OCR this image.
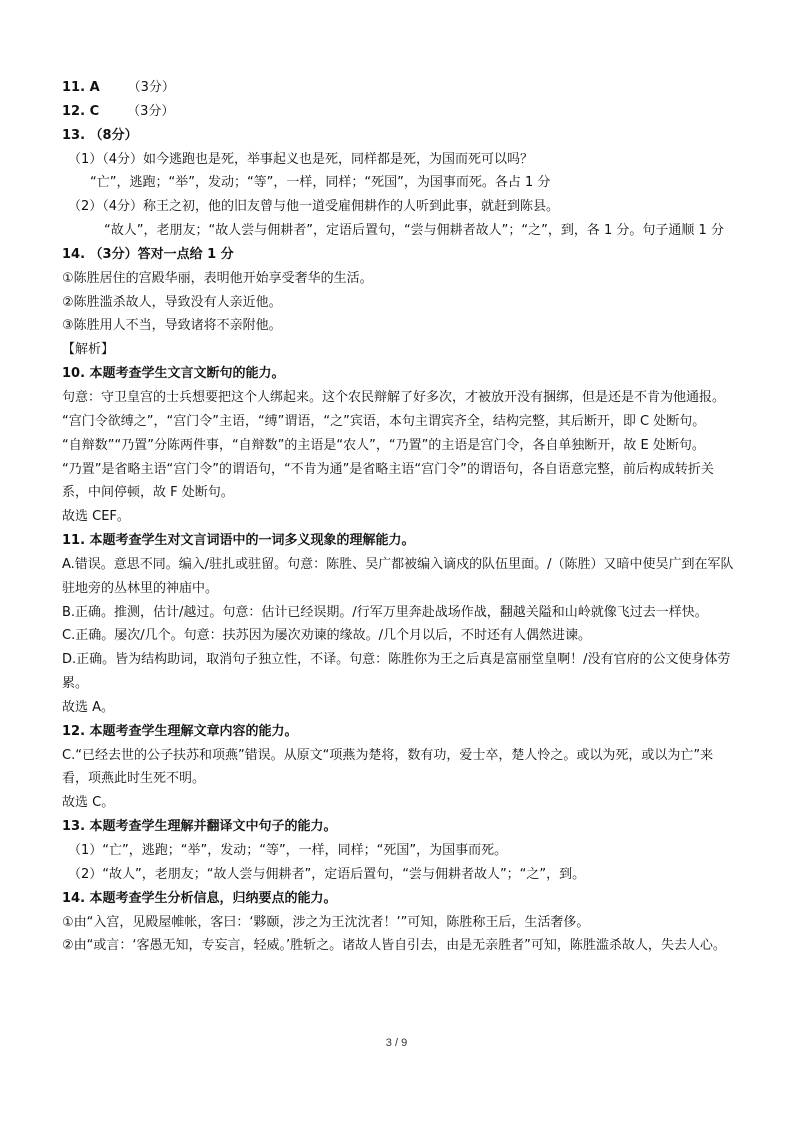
11. A （3分）
12. C （3分）
13. （8分）
（1）（4分）如今逃跑也是死，举事起义也是死，同样都是死，为国而死可以吗？
“亡”，逃跑；“举”，发动；“等”，一样，同样；“死国”，为国事而死。各占 1 分
（2）（4分）称王之初，他的旧友曾与他一道受雇佣耕作的人听到此事，就赶到陈县。
“故人”，老朋友；“故人尝与佣耕者”，定语后置句，“尝与佣耕者故人”；“之”，到，各 1 分。句子通顺 1 分
14. （3分）答对一点给 1 分
①陈胜居住的宫殿华丽，表明他开始享受奢华的生活。
②陈胜滥杀故人，导致没有人亲近他。
③陈胜用人不当，导致诸将不亲附他。
【解析】
10. 本题考查学生文言文断句的能力。
句意：守卫皇宫的士兵想要把这个人绑起来。这个农民辩解了好多次，才被放开没有捆绑，但是还是不肯为他通报。
“宫门令欲缚之”，“宫门令”主语，“缚”谓语，“之”宾语，本句主谓宾齐全，结构完整，其后断开，即 C 处断句。
“自辩数”“乃置”分陈两件事，“自辩数”的主语是“农人”，“乃置”的主语是宫门令，各自单独断开，故 E 处断句。
“乃置”是省略主语“宫门令”的谓语句，“不肯为通”是省略主语“宫门令”的谓语句，各自语意完整，前后构成转折关系，中间停顿，故 F 处断句。
故选 CEF。
11. 本题考查学生对文言词语中的一词多义现象的理解能力。
A.错误。意思不同。编入/驻扎或驻留。句意：陈胜、吴广都被编入谪戍的队伍里面。/（陈胜）又暗中使吴广到在军队驻地旁的丛林里的神庙中。
B.正确。推测，估计/越过。句意：估计已经误期。/行军万里奔赴战场作战，翻越关隘和山岭就像飞过去一样快。
C.正确。屡次/几个。句意：扶苏因为屡次劝谏的缘故。/几个月以后，不时还有人偶然进谏。
D.正确。皆为结构助词，取消句子独立性，不译。句意：陈胜你为王之后真是富丽堂皇啊！/没有官府的公文使身体劳累。
故选 A。
12. 本题考查学生理解文章内容的能力。
C.“已经去世的公子扶苏和项燕”错误。从原文“项燕为楚将，数有功，爱士卒，楚人怜之。或以为死，或以为亡”来看，项燕此时生死不明。
故选 C。
13. 本题考查学生理解并翻译文中句子的能力。
（1）“亡”，逃跑；“举”，发动；“等”，一样，同样；“死国”，为国事而死。
（2）“故人”，老朋友；“故人尝与佣耕者”，定语后置句，“尝与佣耕者故人”；“之”，到。
14. 本题考查学生分析信息，归纳要点的能力。
①由“入宫，见殿屋帷帐，客曰：‘夥颐，涉之为王沈沈者！’”可知，陈胜称王后，生活奢侈。
②由“或言：‘客愚无知，专妄言，轻威。’胜斩之。诸故人皆自引去，由是无亲胜者”可知，陈胜滥杀故人，失去人心。
3 / 9
